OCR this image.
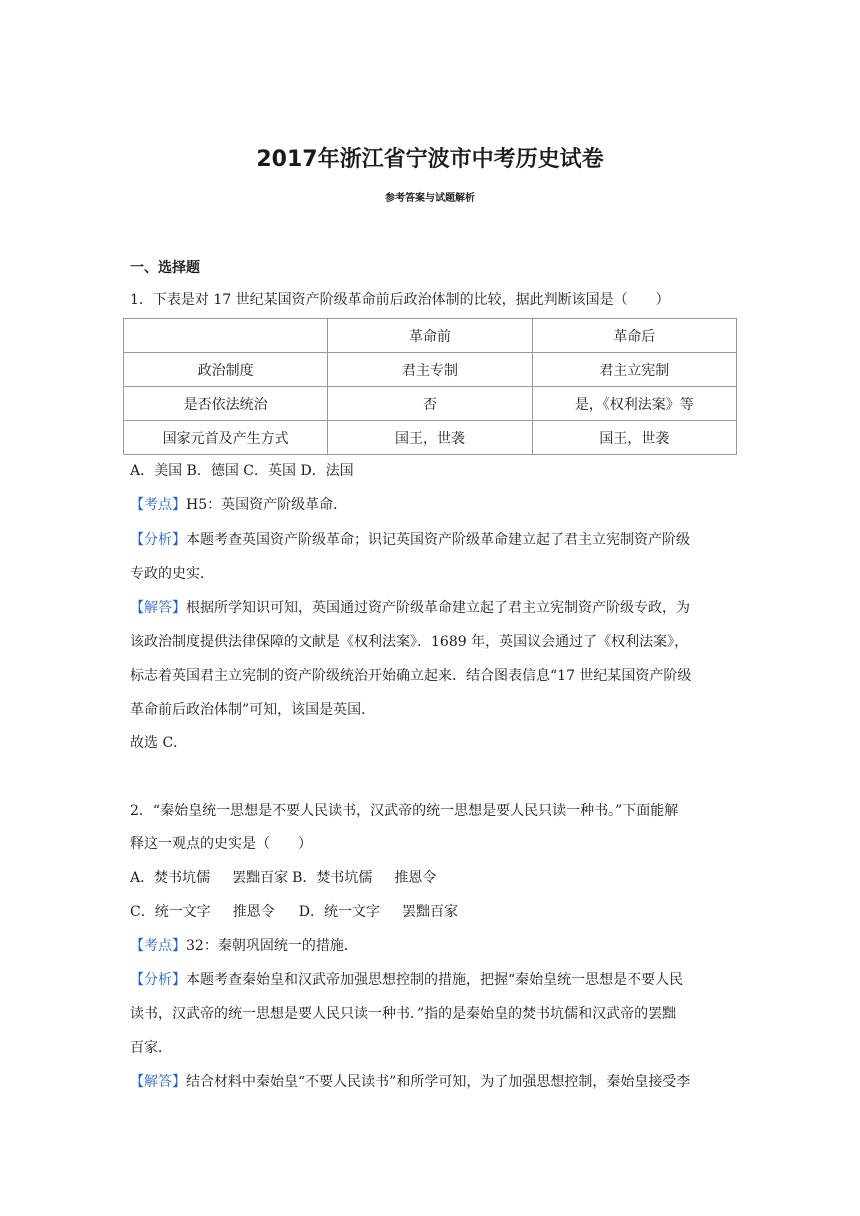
2017年浙江省宁波市中考历史试卷
参考答案与试题解析
一、选择题
1．下表是对 17 世纪某国资产阶级革命前后政治体制的比较，据此判断该国是（　　）
	革命前	革命后
政治制度	君主专制	君主立宪制
是否依法统治	否	是，《权利法案》等
国家元首及产生方式	国王，世袭	国王，世袭
A．美国 B．德国 C．英国 D．法国
【考点】H5：英国资产阶级革命．
【分析】本题考查英国资产阶级革命；识记英国资产阶级革命建立起了君主立宪制资产阶级
专政的史实．
【解答】根据所学知识可知，英国通过资产阶级革命建立起了君主立宪制资产阶级专政，为
该政治制度提供法律保障的文献是《权利法案》．1689 年，英国议会通过了《权利法案》，
标志着英国君主立宪制的资产阶级统治开始确立起来．结合图表信息“17 世纪某国资产阶级
革命前后政治体制”可知，该国是英国．
故选 C．
2．“秦始皇统一思想是不要人民读书，汉武帝的统一思想是要人民只读一种书。”下面能解
释这一观点的史实是（　　）
A．焚书坑儒 罢黜百家 B．焚书坑儒 推恩令
C．统一文字 推恩令 D．统一文字 罢黜百家
【考点】32：秦朝巩固统一的措施．
【分析】本题考查秦始皇和汉武帝加强思想控制的措施，把握“秦始皇统一思想是不要人民
读书，汉武帝的统一思想是要人民只读一种书．”指的是秦始皇的焚书坑儒和汉武帝的罢黜
百家．
【解答】结合材料中秦始皇“不要人民读书”和所学可知，为了加强思想控制，秦始皇接受李
